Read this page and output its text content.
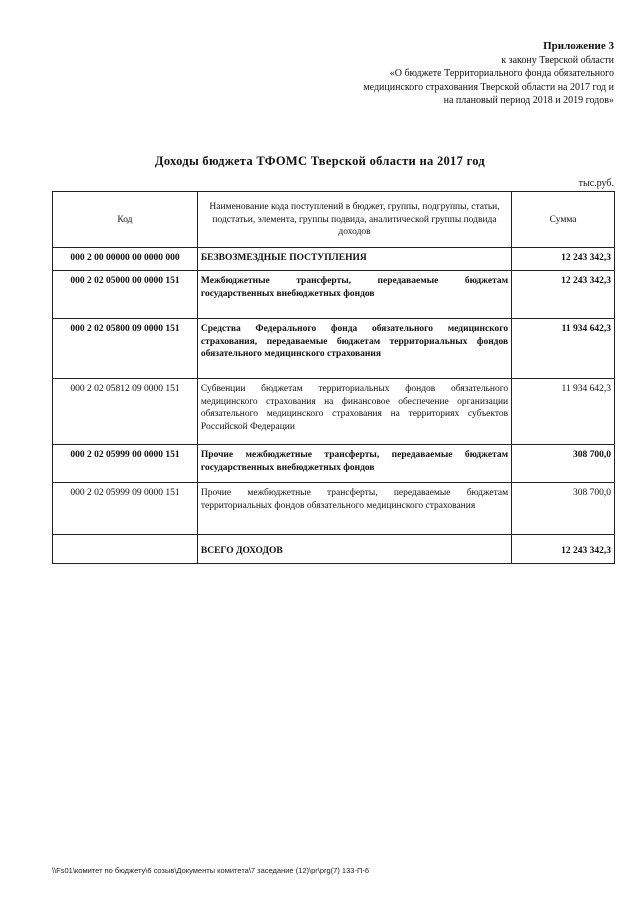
Приложение 3
к закону Тверской области
«О бюджете Территориального фонда обязательного
медицинского страхования Тверской области на 2017 год и
на плановый период 2018 и 2019 годов»
Доходы бюджета ТФОМС Тверской области на 2017 год
тыс.руб.
Код	Наименование кода поступлений в бюджет, группы, подгруппы, статьи, подстатьи, элемента, группы подвида, аналитической группы подвида доходов	Сумма
000 2 00 00000 00 0000 000	БЕЗВОЗМЕЗДНЫЕ ПОСТУПЛЕНИЯ	12 243 342,3
000 2 02 05000 00 0000 151	Межбюджетные трансферты, передаваемые бюджетам государственных внебюджетных фондов	12 243 342,3
000 2 02 05800 09 0000 151	Средства Федерального фонда обязательного медицинского страхования, передаваемые бюджетам территориальных фондов обязательного медицинского страхования	11 934 642,3
000 2 02 05812 09 0000 151	Субвенции бюджетам территориальных фондов обязательного медицинского страхования на финансовое обеспечение организации обязательного медицинского страхования на территориях субъектов Российской Федерации	11 934 642,3
000 2 02 05999 00 0000 151	Прочие межбюджетные трансферты, передаваемые бюджетам государственных внебюджетных фондов	308 700,0
000 2 02 05999 09 0000 151	Прочие межбюджетные трансферты, передаваемые бюджетам территориальных фондов обязательного медицинского страхования	308 700,0
	ВСЕГО ДОХОДОВ	12 243 342,3
\\Fs01\комитет по бюджету\6 созыв\Документы комитета\7 заседание (12)\pr\prg(7) 133-П-6
